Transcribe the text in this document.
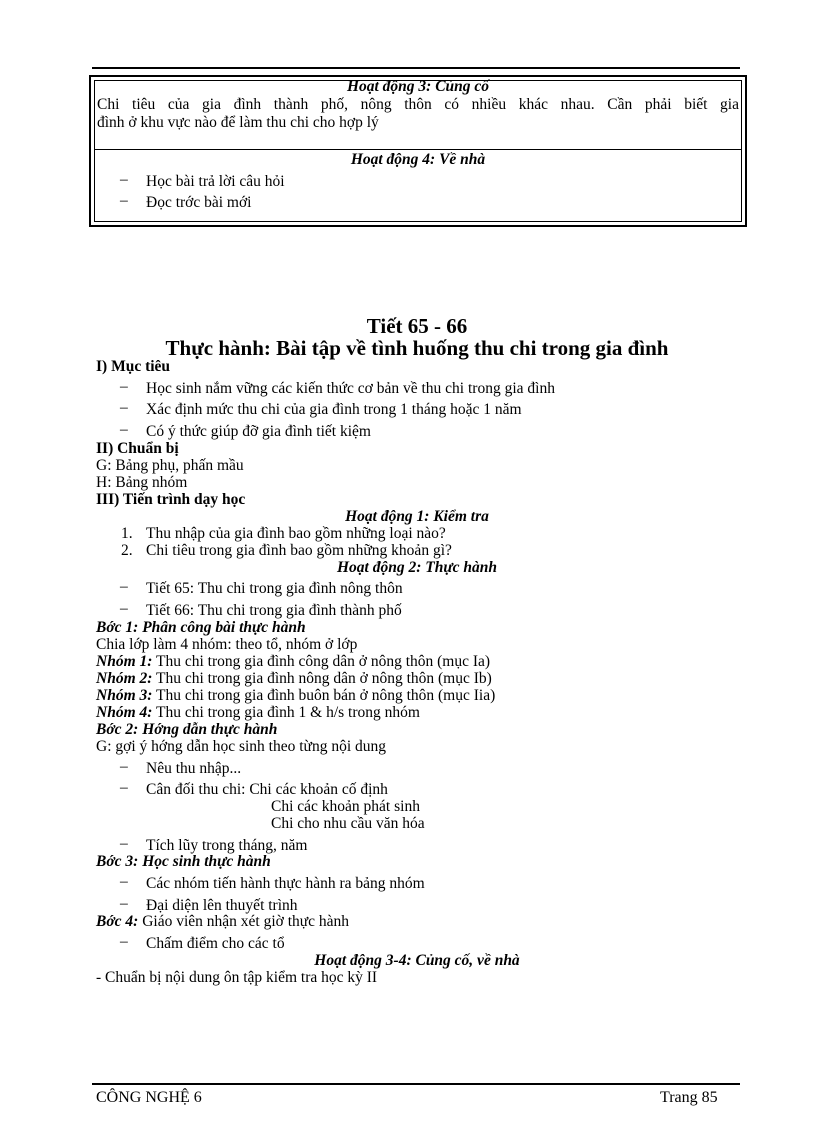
Hoạt động 3: Củng cố
Chi tiêu của gia đình thành phố, nông thôn có nhiều khác nhau. Cần phải biết gia
đình ở khu vực nào để làm thu chi cho hợp lý
Hoạt động 4: Về nhà
– Học bài trả lời câu hỏi
– Đọc trớc bài mới
Tiết 65 - 66
Thực hành: Bài tập về tình huống thu chi trong gia đình
I) Mục tiêu
– Học sinh nắm vững các kiến thức cơ bản về thu chi trong gia đình
– Xác định mức thu chi của gia đình trong 1 tháng hoặc 1 năm
– Có ý thức giúp đỡ gia đình tiết kiệm
II) Chuẩn bị
G: Bảng phụ, phấn mầu
H: Bảng nhóm
III) Tiến trình dạy học
Hoạt động 1: Kiểm tra
1. Thu nhập của gia đình bao gồm những loại nào?
2. Chi tiêu trong gia đình bao gồm những khoản gì?
Hoạt động 2: Thực hành
– Tiết 65: Thu chi trong gia đình nông thôn
– Tiết 66: Thu chi trong gia đình thành phố
Bớc 1: Phân công bài thực hành
Chia lớp làm 4 nhóm: theo tổ, nhóm ở lớp
Nhóm 1: Thu chi trong gia đình công dân ở nông thôn (mục Ia)
Nhóm 2: Thu chi trong gia đình nông dân ở nông thôn (mục Ib)
Nhóm 3: Thu chi trong gia đình buôn bán ở nông thôn (mục Iia)
Nhóm 4: Thu chi trong gia đình 1 & h/s trong nhóm
Bớc 2: Hớng dẫn thực hành
G: gợi ý hớng dẫn học sinh theo từng nội dung
– Nêu thu nhập...
– Cân đối thu chi: Chi các khoản cố định
Chi các khoản phát sinh
Chi cho nhu cầu văn hóa
– Tích lũy trong tháng, năm
Bớc 3: Học sinh thực hành
– Các nhóm tiến hành thực hành ra bảng nhóm
– Đại diện lên thuyết trình
Bớc 4: Giáo viên nhận xét giờ thực hành
– Chấm điểm cho các tổ
Hoạt động 3-4: Củng cố, về nhà
- Chuẩn bị nội dung ôn tập kiểm tra học kỳ II
CÔNG NGHỆ 6	Trang 85
